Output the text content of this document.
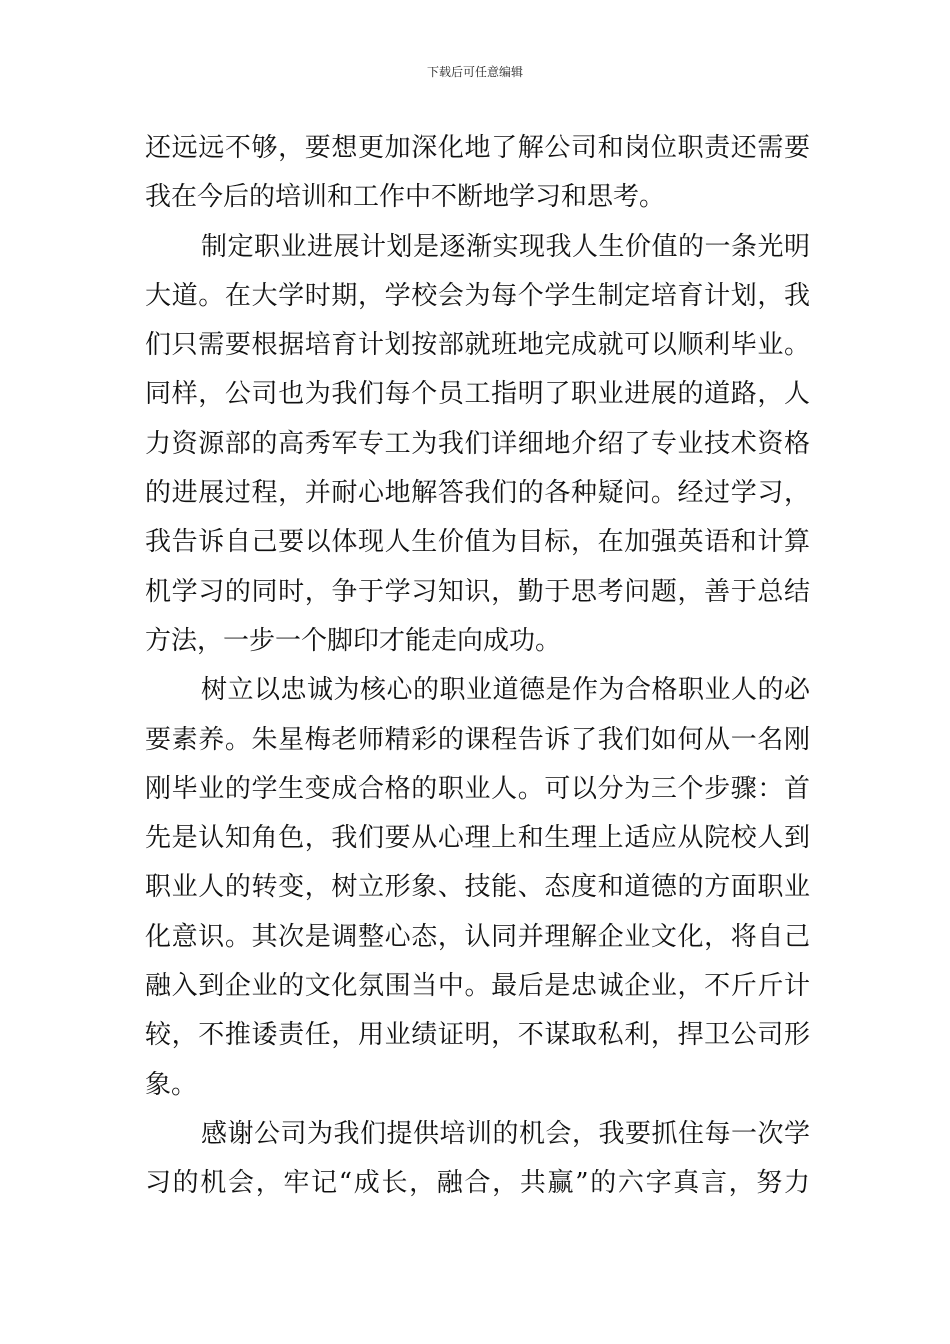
下载后可任意编辑
还远远不够，要想更加深化地了解公司和岗位职责还需要
我在今后的培训和工作中不断地学习和思考。
制定职业进展计划是逐渐实现我人生价值的一条光明
大道。在大学时期，学校会为每个学生制定培育计划，我
们只需要根据培育计划按部就班地完成就可以顺利毕业。
同样，公司也为我们每个员工指明了职业进展的道路，人
力资源部的高秀军专工为我们详细地介绍了专业技术资格
的进展过程，并耐心地解答我们的各种疑问。经过学习，
我告诉自己要以体现人生价值为目标，在加强英语和计算
机学习的同时，争于学习知识，勤于思考问题，善于总结
方法，一步一个脚印才能走向成功。
树立以忠诚为核心的职业道德是作为合格职业人的必
要素养。朱星梅老师精彩的课程告诉了我们如何从一名刚
刚毕业的学生变成合格的职业人。可以分为三个步骤：首
先是认知角色，我们要从心理上和生理上适应从院校人到
职业人的转变，树立形象、技能、态度和道德的方面职业
化意识。其次是调整心态，认同并理解企业文化，将自己
融入到企业的文化氛围当中。最后是忠诚企业，不斤斤计
较，不推诿责任，用业绩证明，不谋取私利，捍卫公司形
象。
感谢公司为我们提供培训的机会，我要抓住每一次学
习的机会，牢记“成长，融合，共赢”的六字真言，努力
